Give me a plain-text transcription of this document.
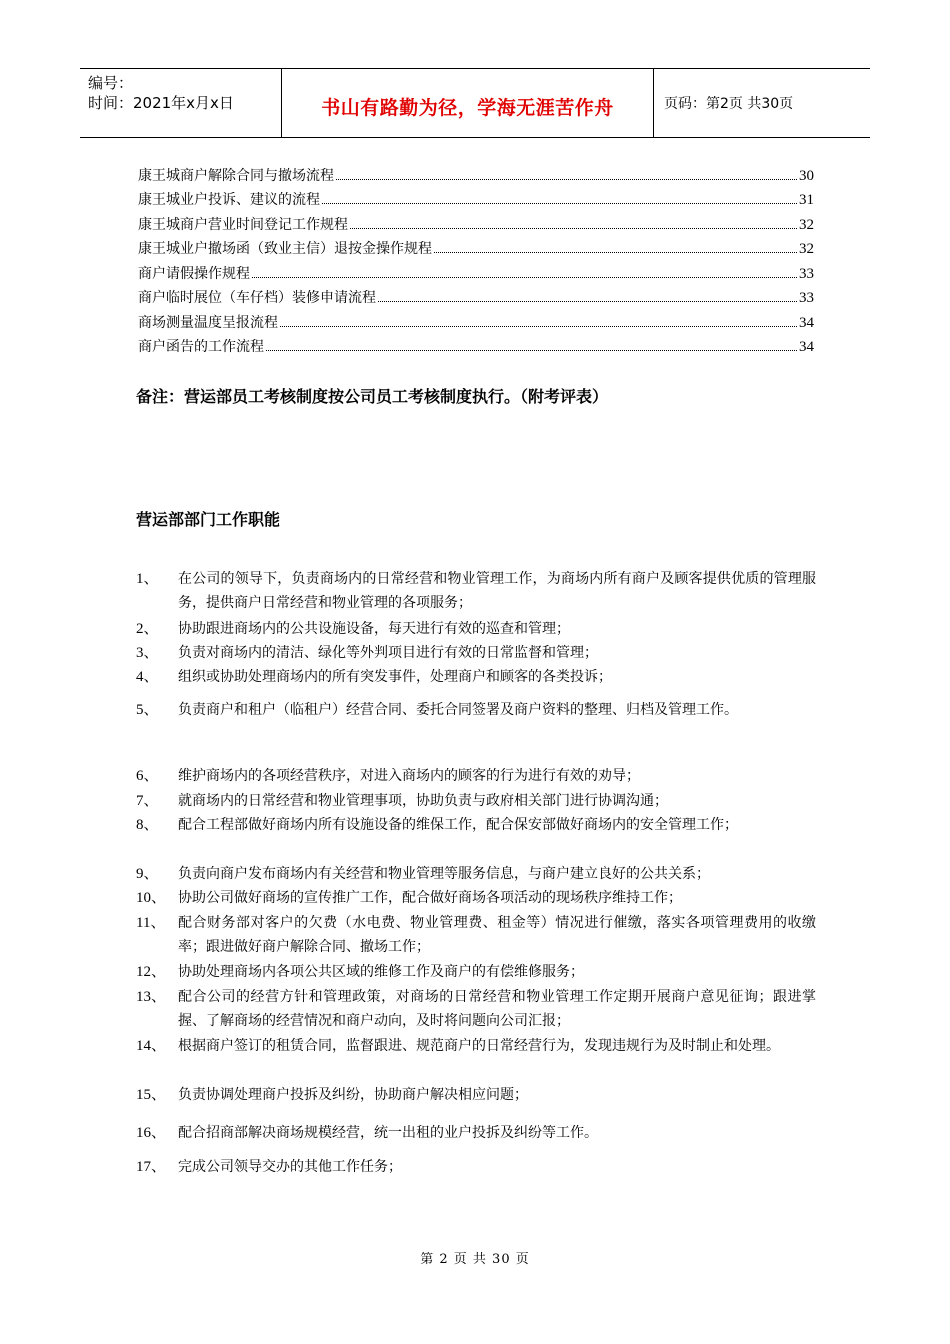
编号：
时间：2021年x月x日	书山有路勤为径，学海无涯苦作舟	页码：第2页 共30页
康王城商户解除合同与撤场流程	30
康王城业户投诉、建议的流程	31
康王城商户营业时间登记工作规程	32
康王城业户撤场函（致业主信）退按金操作规程	32
商户请假操作规程	33
商户临时展位（车仔档）装修申请流程	33
商场测量温度呈报流程	34
商户函告的工作流程	34
备注：营运部员工考核制度按公司员工考核制度执行。（附考评表）
营运部部门工作职能
1、 在公司的领导下，负责商场内的日常经营和物业管理工作，为商场内所有商户及顾客提供优质的管理服务，提供商户日常经营和物业管理的各项服务；
2、 协助跟进商场内的公共设施设备，每天进行有效的巡查和管理；
3、 负责对商场内的清洁、绿化等外判项目进行有效的日常监督和管理；
4、 组织或协助处理商场内的所有突发事件，处理商户和顾客的各类投诉；
5、 负责商户和租户（临租户）经营合同、委托合同签署及商户资料的整理、归档及管理工作。
6、 维护商场内的各项经营秩序，对进入商场内的顾客的行为进行有效的劝导；
7、 就商场内的日常经营和物业管理事项，协助负责与政府相关部门进行协调沟通；
8、 配合工程部做好商场内所有设施设备的维保工作，配合保安部做好商场内的安全管理工作；
9、 负责向商户发布商场内有关经营和物业管理等服务信息，与商户建立良好的公共关系；
10、 协助公司做好商场的宣传推广工作，配合做好商场各项活动的现场秩序维持工作；
11、 配合财务部对客户的欠费（水电费、物业管理费、租金等）情况进行催缴，落实各项管理费用的收缴率；跟进做好商户解除合同、撤场工作；
12、 协助处理商场内各项公共区域的维修工作及商户的有偿维修服务；
13、 配合公司的经营方针和管理政策，对商场的日常经营和物业管理工作定期开展商户意见征询；跟进掌握、了解商场的经营情况和商户动向，及时将问题向公司汇报；
14、 根据商户签订的租赁合同，监督跟进、规范商户的日常经营行为，发现违规行为及时制止和处理。
15、 负责协调处理商户投拆及纠纷，协助商户解决相应问题；
16、 配合招商部解决商场规模经营，统一出租的业户投拆及纠纷等工作。
17、 完成公司领导交办的其他工作任务；
第 2 页 共 30 页
